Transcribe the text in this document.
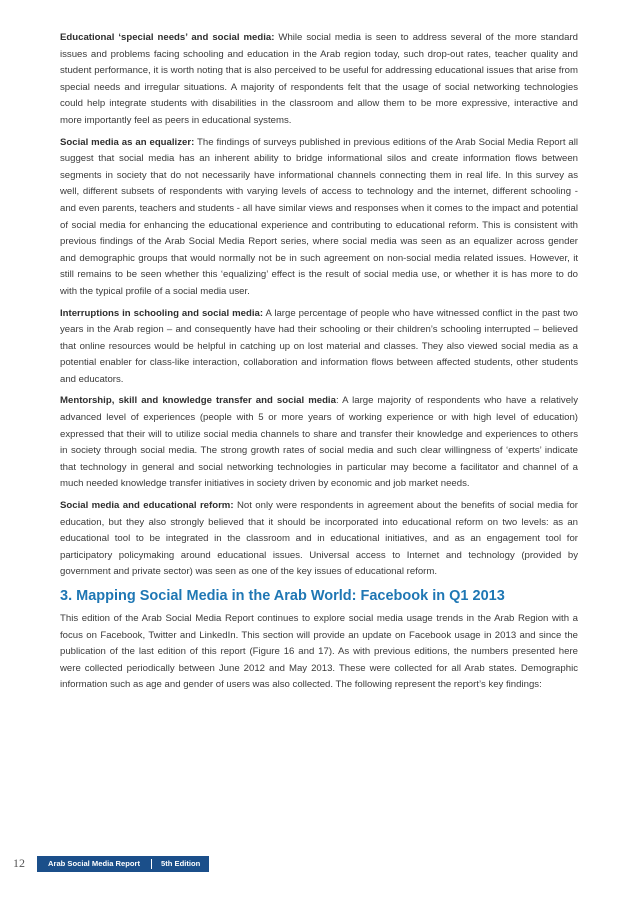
Educational ‘special needs’ and social media: While social media is seen to address several of the more standard issues and problems facing schooling and education in the Arab region today, such drop-out rates, teacher quality and student performance, it is worth noting that is also perceived to be useful for addressing educational issues that arise from special needs and irregular situations. A majority of respondents felt that the usage of social networking technologies could help integrate students with disabilities in the classroom and allow them to be more expressive, interactive and more importantly feel as peers in educational systems.

Social media as an equalizer: The findings of surveys published in previous editions of the Arab Social Media Report all suggest that social media has an inherent ability to bridge informational silos and create information flows between segments in society that do not necessarily have informational channels connecting them in real life. In this survey as well, different subsets of respondents with varying levels of access to technology and the internet, different schooling - and even parents, teachers and students - all have similar views and responses when it comes to the impact and potential of social media for enhancing the educational experience and contributing to educational reform. This is consistent with previous findings of the Arab Social Media Report series, where social media was seen as an equalizer across gender and demographic groups that would normally not be in such agreement on non-social media related issues. However, it still remains to be seen whether this ‘equalizing’ effect is the result of social media use, or whether it is has more to do with the typical profile of a social media user.

Interruptions in schooling and social media: A large percentage of people who have witnessed conflict in the past two years in the Arab region – and consequently have had their schooling or their children’s schooling interrupted – believed that online resources would be helpful in catching up on lost material and classes. They also viewed social media as a potential enabler for class-like interaction, collaboration and information flows between affected students, other students and educators.

Mentorship, skill and knowledge transfer and social media: A large majority of respondents who have a relatively advanced level of experiences (people with 5 or more years of working experience or with high level of education) expressed that their will to utilize social media channels to share and transfer their knowledge and experiences to others in society through social media. The strong growth rates of social media and such clear willingness of ‘experts’ indicate that technology in general and social networking technologies in particular may become a facilitator and channel of a much needed knowledge transfer initiatives in society driven by economic and job market needs.

Social media and educational reform: Not only were respondents in agreement about the benefits of social media for education, but they also strongly believed that it should be incorporated into educational reform on two levels: as an educational tool to be integrated in the classroom and in educational initiatives, and as an engagement tool for participatory policymaking around educational issues. Universal access to Internet and technology (provided by government and private sector) was seen as one of the key issues of educational reform.

3. Mapping Social Media in the Arab World: Facebook in Q1 2013

This edition of the Arab Social Media Report continues to explore social media usage trends in the Arab Region with a focus on Facebook, Twitter and LinkedIn. This section will provide an update on Facebook usage in 2013 and since the publication of the last edition of this report (Figure 16 and 17). As with previous editions, the numbers presented here were collected periodically between June 2012 and May 2013. These were collected for all Arab states. Demographic information such as age and gender of users was also collected. The following represent the report’s key findings:

12	Arab Social Media Report	5th Edition
